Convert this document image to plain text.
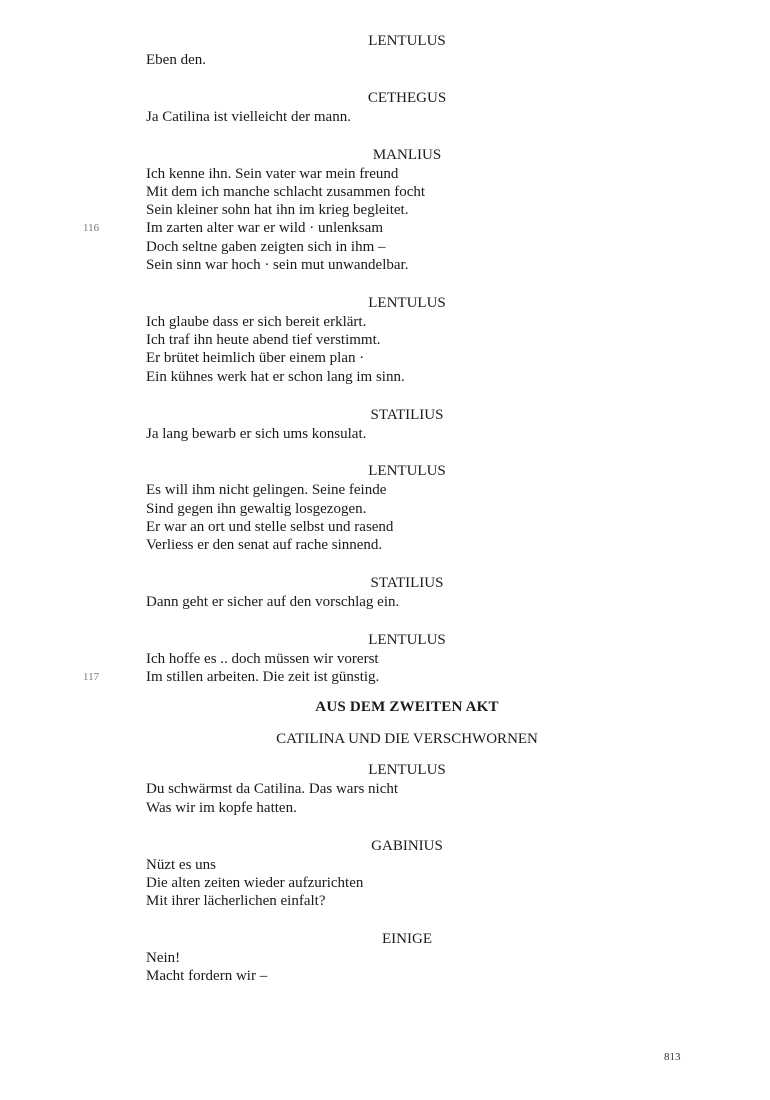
LENTULUS
Eben den.
CETHEGUS
Ja Catilina ist vielleicht der mann.
MANLIUS
Ich kenne ihn. Sein vater war mein freund
Mit dem ich manche schlacht zusammen focht
Sein kleiner sohn hat ihn im krieg begleitet.
116	Im zarten alter war er wild · unlenksam
Doch seltne gaben zeigten sich in ihm –
Sein sinn war hoch · sein mut unwandelbar.
LENTULUS
Ich glaube dass er sich bereit erklärt.
Ich traf ihn heute abend tief verstimmt.
Er brütet heimlich über einem plan ·
Ein kühnes werk hat er schon lang im sinn.
STATILIUS
Ja lang bewarb er sich ums konsulat.
LENTULUS
Es will ihm nicht gelingen. Seine feinde
Sind gegen ihn gewaltig losgezogen.
Er war an ort und stelle selbst und rasend
Verliess er den senat auf rache sinnend.
STATILIUS
Dann geht er sicher auf den vorschlag ein.
LENTULUS
Ich hoffe es .. doch müssen wir vorerst
117	Im stillen arbeiten. Die zeit ist günstig.
AUS DEM ZWEITEN AKT
CATILINA UND DIE VERSCHWORNEN
LENTULUS
Du schwärmst da Catilina. Das wars nicht
Was wir im kopfe hatten.
GABINIUS
Nüzt es uns
Die alten zeiten wieder aufzurichten
Mit ihrer lächerlichen einfalt?
EINIGE
Nein!
Macht fordern wir –
813
